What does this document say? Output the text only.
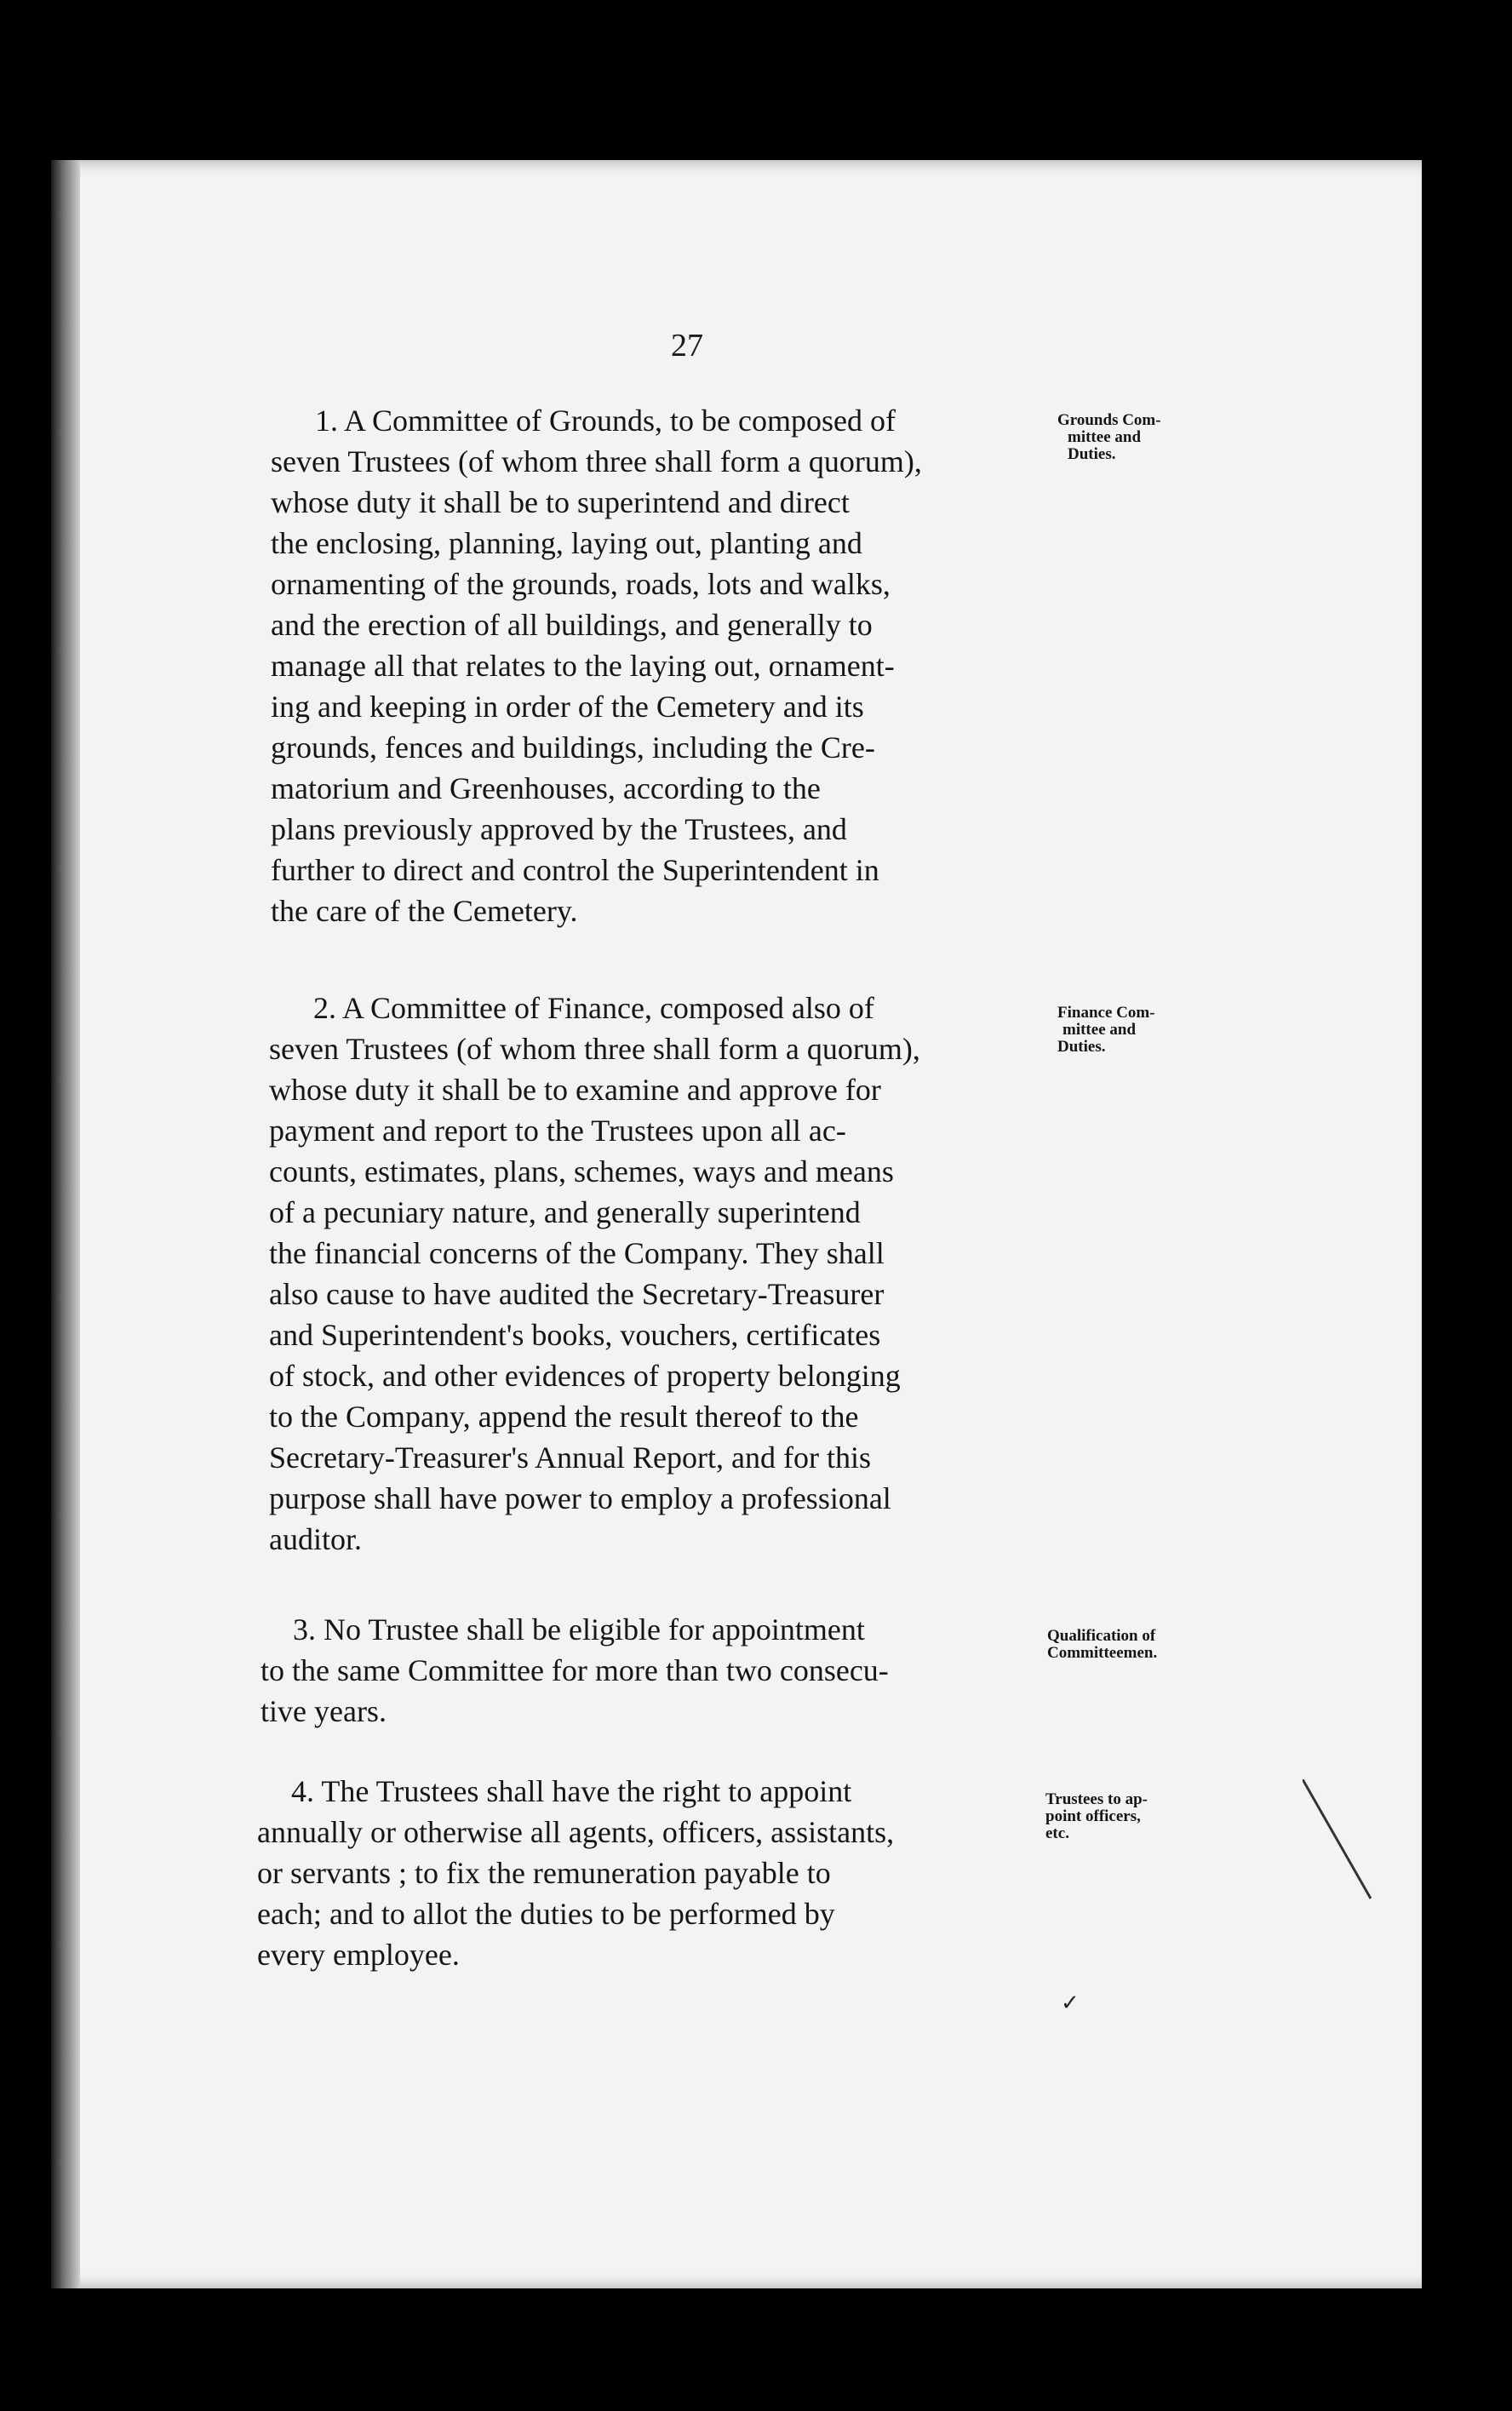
27
1. A Committee of Grounds, to be composed of
seven Trustees (of whom three shall form a quorum),
whose duty it shall be to superintend and direct
the enclosing, planning, laying out, planting and
ornamenting of the grounds, roads, lots and walks,
and the erection of all buildings, and generally to
manage all that relates to the laying out, ornament-
ing and keeping in order of the Cemetery and its
grounds, fences and buildings, including the Cre-
matorium and Greenhouses, according to the
plans previously approved by the Trustees, and
further to direct and control the Superintendent in
the care of the Cemetery.
Grounds Com-
mittee and
Duties.
2. A Committee of Finance, composed also of
seven Trustees (of whom three shall form a quorum),
whose duty it shall be to examine and approve for
payment and report to the Trustees upon all ac-
counts, estimates, plans, schemes, ways and means
of a pecuniary nature, and generally superintend
the financial concerns of the Company. They shall
also cause to have audited the Secretary-Treasurer
and Superintendent's books, vouchers, certificates
of stock, and other evidences of property belonging
to the Company, append the result thereof to the
Secretary-Treasurer's Annual Report, and for this
purpose shall have power to employ a professional
auditor.
Finance Com-
mittee and
Duties.
3. No Trustee shall be eligible for appointment
to the same Committee for more than two consecu-
tive years.
Qualification of
Committeemen.
4. The Trustees shall have the right to appoint
annually or otherwise all agents, officers, assistants,
or servants ; to fix the remuneration payable to
each; and to allot the duties to be performed by
every employee.
Trustees to ap-
point officers,
etc.
✓
